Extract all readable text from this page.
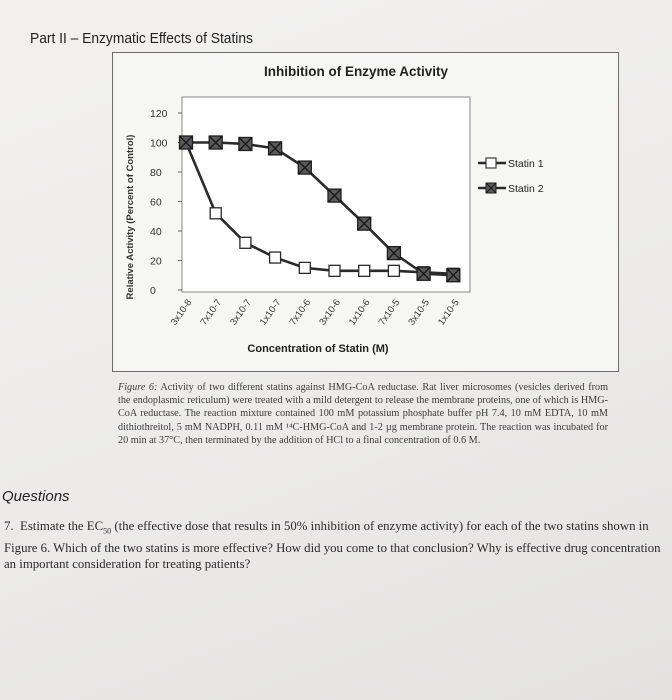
Part II – Enzymatic Effects of Statins
Inhibition of Enzyme Activity
120
100
80
60
40
20
0
Relative Activity (Percent of Control)
3x10-8 7x10-7 3x10-7 1x10-7 7x10-6 3x10-6 1x10-6 7x10-5 3x10-5 1x10-5
Concentration of Statin (M)
Statin 1
Statin 2
Figure 6: Activity of two different statins against HMG-CoA reductase. Rat liver microsomes (vesicles derived from the endoplasmic reticulum) were treated with a mild detergent to release the membrane proteins, one of which is HMG-CoA reductase. The reaction mixture contained 100 mM potassium phosphate buffer pH 7.4, 10 mM EDTA, 10 mM dithiothreitol, 5 mM NADPH, 0.11 mM ¹⁴C-HMG-CoA and 1-2 µg membrane protein. The reaction was incubated for 20 min at 37°C, then terminated by the addition of HCl to a final concentration of 0.6 M.
Questions
7. Estimate the $EC_{50}$ (the effective dose that results in 50% inhibition of enzyme activity) for each of the two statins shown in Figure 6. Which of the two statins is more effective? How did you come to that conclusion? Why is effective drug concentration an important consideration for treating patients?
